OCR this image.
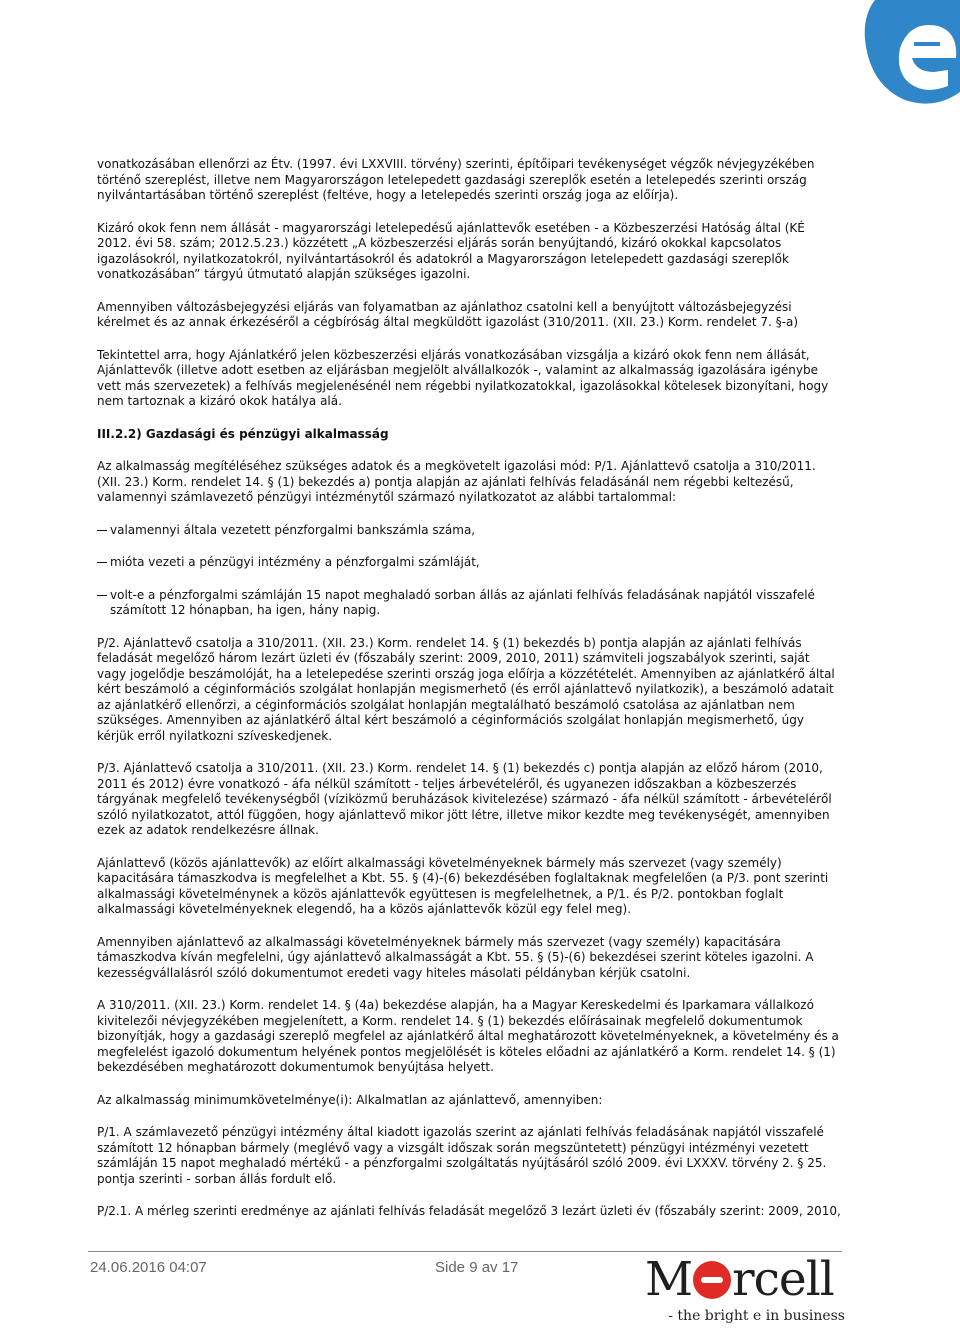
vonatkozásában ellenőrzi az Étv. (1997. évi LXXVIII. törvény) szerinti, építőipari tevékenységet végzők névjegyzékében történő szereplést, illetve nem Magyarországon letelepedett gazdasági szereplők esetén a letelepedés szerinti ország nyilvántartásában történő szereplést (feltéve, hogy a letelepedés szerinti ország joga az előírja).

Kizáró okok fenn nem állását - magyarországi letelepedésű ajánlattevők esetében - a Közbeszerzési Hatóság által (KÉ 2012. évi 58. szám; 2012.5.23.) közzétett „A közbeszerzési eljárás során benyújtandó, kizáró okokkal kapcsolatos igazolásokról, nyilatkozatokról, nyilvántartásokról és adatokról a Magyarországon letelepedett gazdasági szereplők vonatkozásában” tárgyú útmutató alapján szükséges igazolni.

Amennyiben változásbejegyzési eljárás van folyamatban az ajánlathoz csatolni kell a benyújtott változásbejegyzési kérelmet és az annak érkezéséről a cégbíróság által megküldött igazolást (310/2011. (XII. 23.) Korm. rendelet 7. §-a)

Tekintettel arra, hogy Ajánlatkérő jelen közbeszerzési eljárás vonatkozásában vizsgálja a kizáró okok fenn nem állását, Ajánlattevők (illetve adott esetben az eljárásban megjelölt alvállalkozók -, valamint az alkalmasság igazolására igénybe vett más szervezetek) a felhívás megjelenésénél nem régebbi nyilatkozatokkal, igazolásokkal kötelesek bizonyítani, hogy nem tartoznak a kizáró okok hatálya alá.

III.2.2) Gazdasági és pénzügyi alkalmasság

Az alkalmasság megítéléséhez szükséges adatok és a megkövetelt igazolási mód: P/1. Ajánlattevő csatolja a 310/2011. (XII. 23.) Korm. rendelet 14. § (1) bekezdés a) pontja alapján az ajánlati felhívás feladásánál nem régebbi keltezésű, valamennyi számlavezető pénzügyi intézménytől származó nyilatkozatot az alábbi tartalommal:

valamennyi általa vezetett pénzforgalmi bankszámla száma,
mióta vezeti a pénzügyi intézmény a pénzforgalmi számláját,
volt-e a pénzforgalmi számláján 15 napot meghaladó sorban állás az ajánlati felhívás feladásának napjától visszafelé számított 12 hónapban, ha igen, hány napig.

P/2. Ajánlattevő csatolja a 310/2011. (XII. 23.) Korm. rendelet 14. § (1) bekezdés b) pontja alapján az ajánlati felhívás feladását megelőző három lezárt üzleti év (főszabály szerint: 2009, 2010, 2011) számviteli jogszabályok szerinti, saját vagy jogelődje beszámolóját, ha a letelepedése szerinti ország joga előírja a közzétételét. Amennyiben az ajánlatkérő által kért beszámoló a céginformációs szolgálat honlapján megismerhető (és erről ajánlattevő nyilatkozik), a beszámoló adatait az ajánlatkérő ellenőrzi, a céginformációs szolgálat honlapján megtalálható beszámoló csatolása az ajánlatban nem szükséges. Amennyiben az ajánlatkérő által kért beszámoló a céginformációs szolgálat honlapján megismerhető, úgy kérjük erről nyilatkozni szíveskedjenek.

P/3. Ajánlattevő csatolja a 310/2011. (XII. 23.) Korm. rendelet 14. § (1) bekezdés c) pontja alapján az előző három (2010, 2011 és 2012) évre vonatkozó - áfa nélkül számított - teljes árbevételéről, és ugyanezen időszakban a közbeszerzés tárgyának megfelelő tevékenységből (víziközmű beruházások kivitelezése) származó - áfa nélkül számított - árbevételéről szóló nyilatkozatot, attól függően, hogy ajánlattevő mikor jött létre, illetve mikor kezdte meg tevékenységét, amennyiben ezek az adatok rendelkezésre állnak.

Ajánlattevő (közös ajánlattevők) az előírt alkalmassági követelményeknek bármely más szervezet (vagy személy) kapacitására támaszkodva is megfelelhet a Kbt. 55. § (4)-(6) bekezdésében foglaltaknak megfelelően (a P/3. pont szerinti alkalmassági követelménynek a közös ajánlattevők együttesen is megfelelhetnek, a P/1. és P/2. pontokban foglalt alkalmassági követelményeknek elegendő, ha a közös ajánlattevők közül egy felel meg).

Amennyiben ajánlattevő az alkalmassági követelményeknek bármely más szervezet (vagy személy) kapacitására támaszkodva kíván megfelelni, úgy ajánlattevő alkalmasságát a Kbt. 55. § (5)-(6) bekezdései szerint köteles igazolni. A kezességvállalásról szóló dokumentumot eredeti vagy hiteles másolati példányban kérjük csatolni.

A 310/2011. (XII. 23.) Korm. rendelet 14. § (4a) bekezdése alapján, ha a Magyar Kereskedelmi és Iparkamara vállalkozó kivitelezői névjegyzékében megjelenített, a Korm. rendelet 14. § (1) bekezdés előírásainak megfelelő dokumentumok bizonyítják, hogy a gazdasági szereplő megfelel az ajánlatkérő által meghatározott követelményeknek, a követelmény és a megfelelést igazoló dokumentum helyének pontos megjelölését is köteles előadni az ajánlatkérő a Korm. rendelet 14. § (1) bekezdésében meghatározott dokumentumok benyújtása helyett.

Az alkalmasság minimumkövetelménye(i): Alkalmatlan az ajánlattevő, amennyiben:

P/1. A számlavezető pénzügyi intézmény által kiadott igazolás szerint az ajánlati felhívás feladásának napjától visszafelé számított 12 hónapban bármely (meglévő vagy a vizsgált időszak során megszüntetett) pénzügyi intézményi vezetett számláján 15 napot meghaladó mértékű - a pénzforgalmi szolgáltatás nyújtásáról szóló 2009. évi LXXXV. törvény 2. § 25. pontja szerinti - sorban állás fordult elő.

P/2.1. A mérleg szerinti eredménye az ajánlati felhívás feladását megelőző 3 lezárt üzleti év (főszabály szerint: 2009, 2010,

24.06.2016 04:07	Side 9 av 17	M rcell
- the bright e in business
